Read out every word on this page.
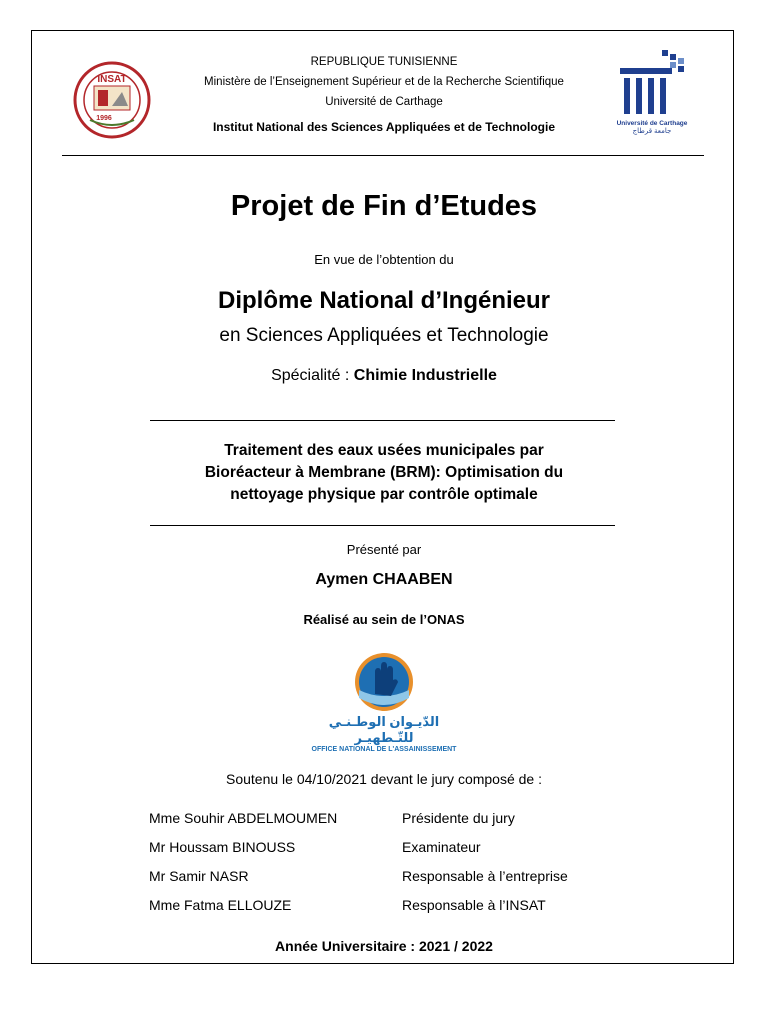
INSAT
1996
REPUBLIQUE TUNISIENNE
Ministère de l’Enseignement Supérieur et de la Recherche Scientifique
Université de Carthage
Institut National des Sciences Appliquées et de Technologie	Université de Carthage
جامعة قرطاج
Projet de Fin d’Etudes
En vue de l’obtention du
Diplôme National d’Ingénieur
en Sciences Appliquées et Technologie
Spécialité : Chimie Industrielle
Traitement des eaux usées municipales par
Bioréacteur à Membrane (BRM): Optimisation du
nettoyage physique par contrôle optimale
Présenté par
Aymen CHAABEN
Réalisé au sein de l’ONAS
الدّيـوان الوطـنـي للتّـطهيـر
OFFICE NATIONAL DE L'ASSAINISSEMENT
Soutenu le 04/10/2021 devant le jury composé de :
Mme Souhir ABDELMOUMEN	Présidente du jury
Mr Houssam BINOUSS	Examinateur
Mr Samir NASR	Responsable à l’entreprise
Mme Fatma ELLOUZE	Responsable à l’INSAT
Année Universitaire : 2021 / 2022
